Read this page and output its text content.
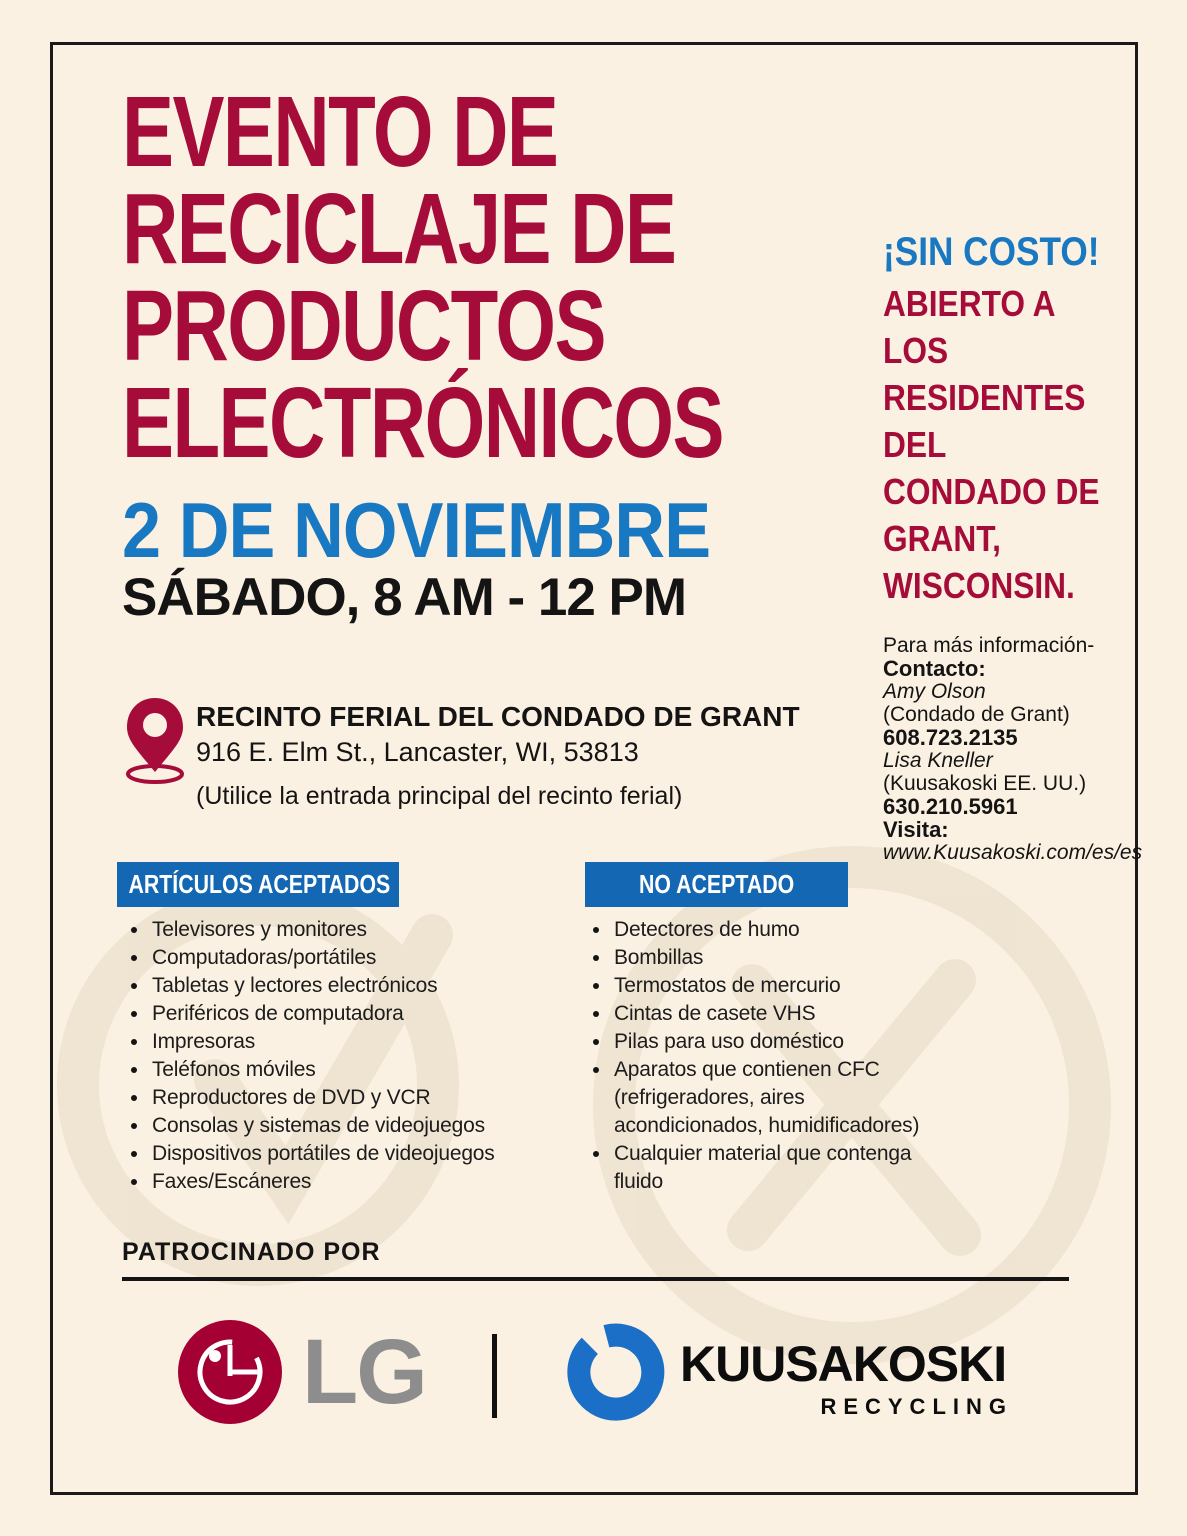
EVENTO DE
RECICLAJE DE
PRODUCTOS
ELECTRÓNICOS
2 DE NOVIEMBRE
SÁBADO, 8 AM - 12 PM
RECINTO FERIAL DEL CONDADO DE GRANT
916 E. Elm St., Lancaster, WI, 53813
(Utilice la entrada principal del recinto ferial)
¡SIN COSTO!
ABIERTO A
LOS
RESIDENTES
DEL
CONDADO DE
GRANT,
WISCONSIN.
Para más información-
Contacto:
Amy Olson
(Condado de Grant)
608.723.2135
Lisa Kneller
(Kuusakoski EE. UU.)
630.210.5961
Visita:
www.Kuusakoski.com/es/es
ARTÍCULOS ACEPTADOS	NO ACEPTADO
Televisores y monitores
Computadoras/portátiles
Tabletas y lectores electrónicos
Periféricos de computadora
Impresoras
Teléfonos móviles
Reproductores de DVD y VCR
Consolas y sistemas de videojuegos
Dispositivos portátiles de videojuegos
Faxes/Escáneres
Detectores de humo
Bombillas
Termostatos de mercurio
Cintas de casete VHS
Pilas para uso doméstico
Aparatos que contienen CFC (refrigeradores, aires acondicionados, humidificadores)
Cualquier material que contenga fluido
PATROCINADO POR
LG	KUUSAKOSKI
RECYCLING
